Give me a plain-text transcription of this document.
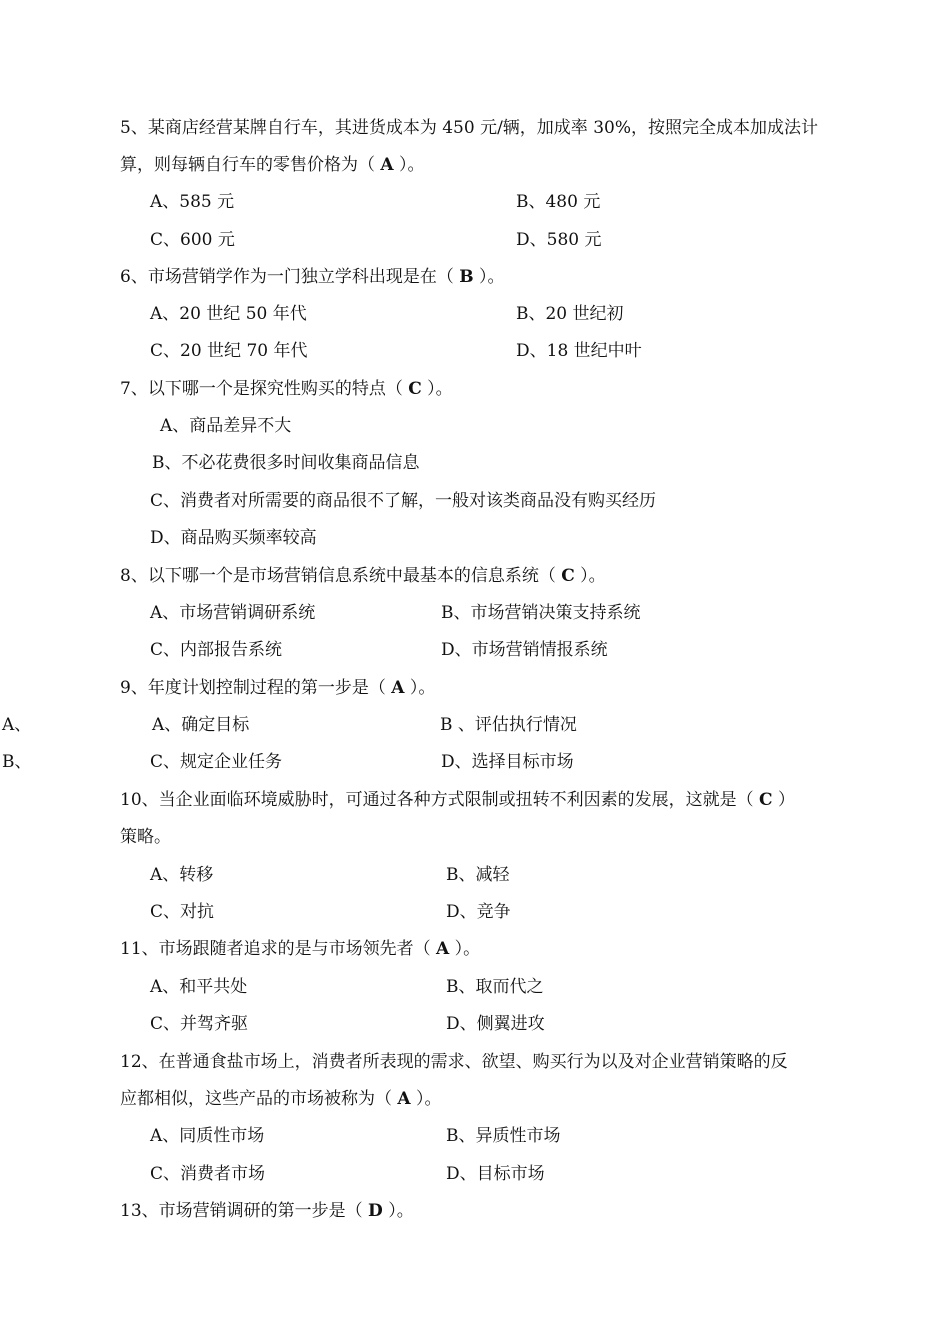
5、某商店经营某牌自行车，其进货成本为 450 元/辆，加成率 30%，按照完全成本加成法计
算，则每辆自行车的零售价格为（ A ）。
A、585 元	B、480 元
C、600 元	D、580 元
6、市场营销学作为一门独立学科出现是在（ B ）。
A、20 世纪 50 年代	B、20 世纪初
C、20 世纪 70 年代	D、18 世纪中叶
7、以下哪一个是探究性购买的特点（ C ）。
A、商品差异不大
B、不必花费很多时间收集商品信息
C、消费者对所需要的商品很不了解，一般对该类商品没有购买经历
D、商品购买频率较高
8、以下哪一个是市场营销信息系统中最基本的信息系统（ C ）。
A、市场营销调研系统	B、市场营销决策支持系统
C、内部报告系统	D、市场营销情报系统
9、年度计划控制过程的第一步是（ A ）。
A、	A、确定目标	B 、评估执行情况
B、	C、规定企业任务	D、选择目标市场
10、当企业面临环境威胁时，可通过各种方式限制或扭转不利因素的发展，这就是（ C ）
策略。
A、转移	B、减轻
C、对抗	D、竞争
11、市场跟随者追求的是与市场领先者（ A ）。
A、和平共处	B、取而代之
C、并驾齐驱	D、侧翼进攻
12、在普通食盐市场上，消费者所表现的需求、欲望、购买行为以及对企业营销策略的反
应都相似，这些产品的市场被称为（ A ）。
A、同质性市场	B、异质性市场
C、消费者市场	D、目标市场
13、市场营销调研的第一步是（ D ）。
